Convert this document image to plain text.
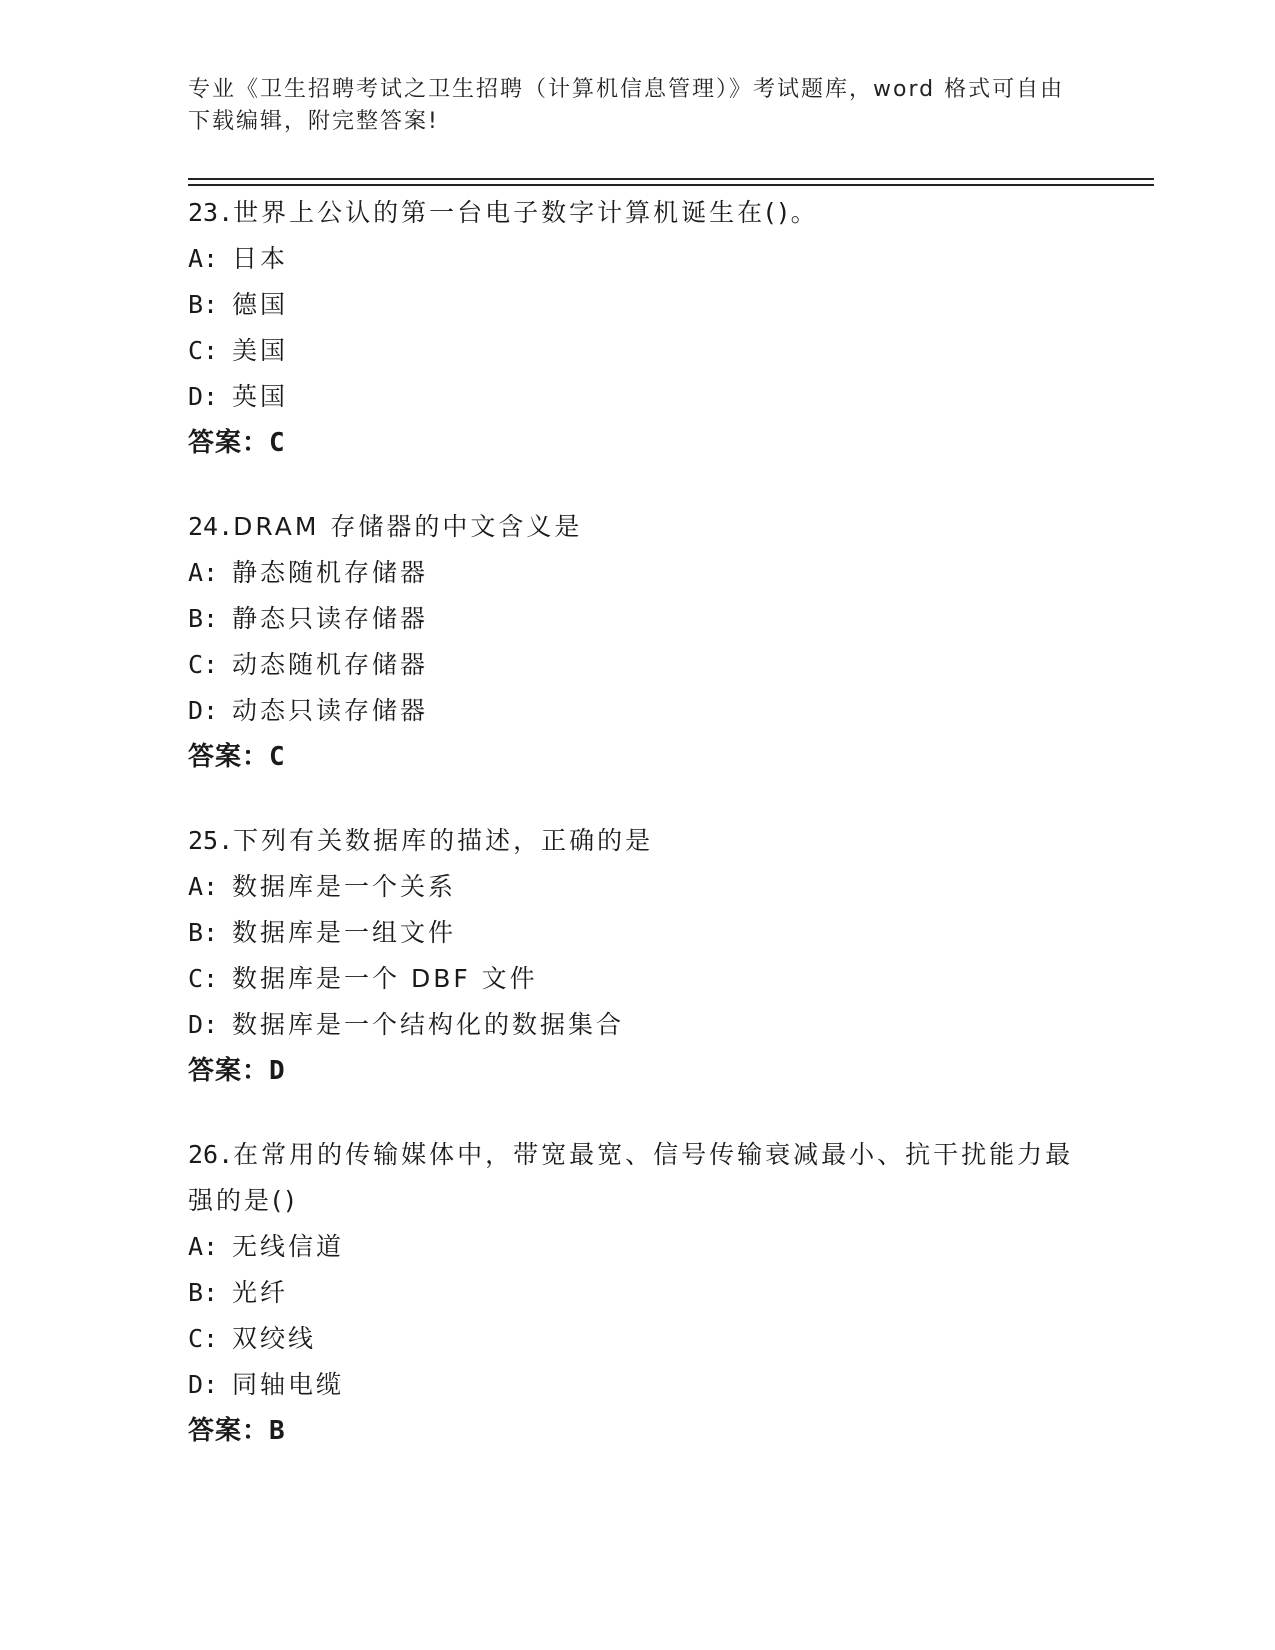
专业《卫生招聘考试之卫生招聘（计算机信息管理）》考试题库，word 格式可自由下载编辑，附完整答案!

23.世界上公认的第一台电子数字计算机诞生在()。

A: 日本

B: 德国

C: 美国

D: 英国

答案：C

24.DRAM 存储器的中文含义是

A: 静态随机存储器

B: 静态只读存储器

C: 动态随机存储器

D: 动态只读存储器

答案：C

25.下列有关数据库的描述，正确的是

A: 数据库是一个关系

B: 数据库是一组文件

C: 数据库是一个 DBF 文件

D: 数据库是一个结构化的数据集合

答案：D

26.在常用的传输媒体中，带宽最宽、信号传输衰减最小、抗干扰能力最强的是()

A: 无线信道

B: 光纤

C: 双绞线

D: 同轴电缆

答案：B
